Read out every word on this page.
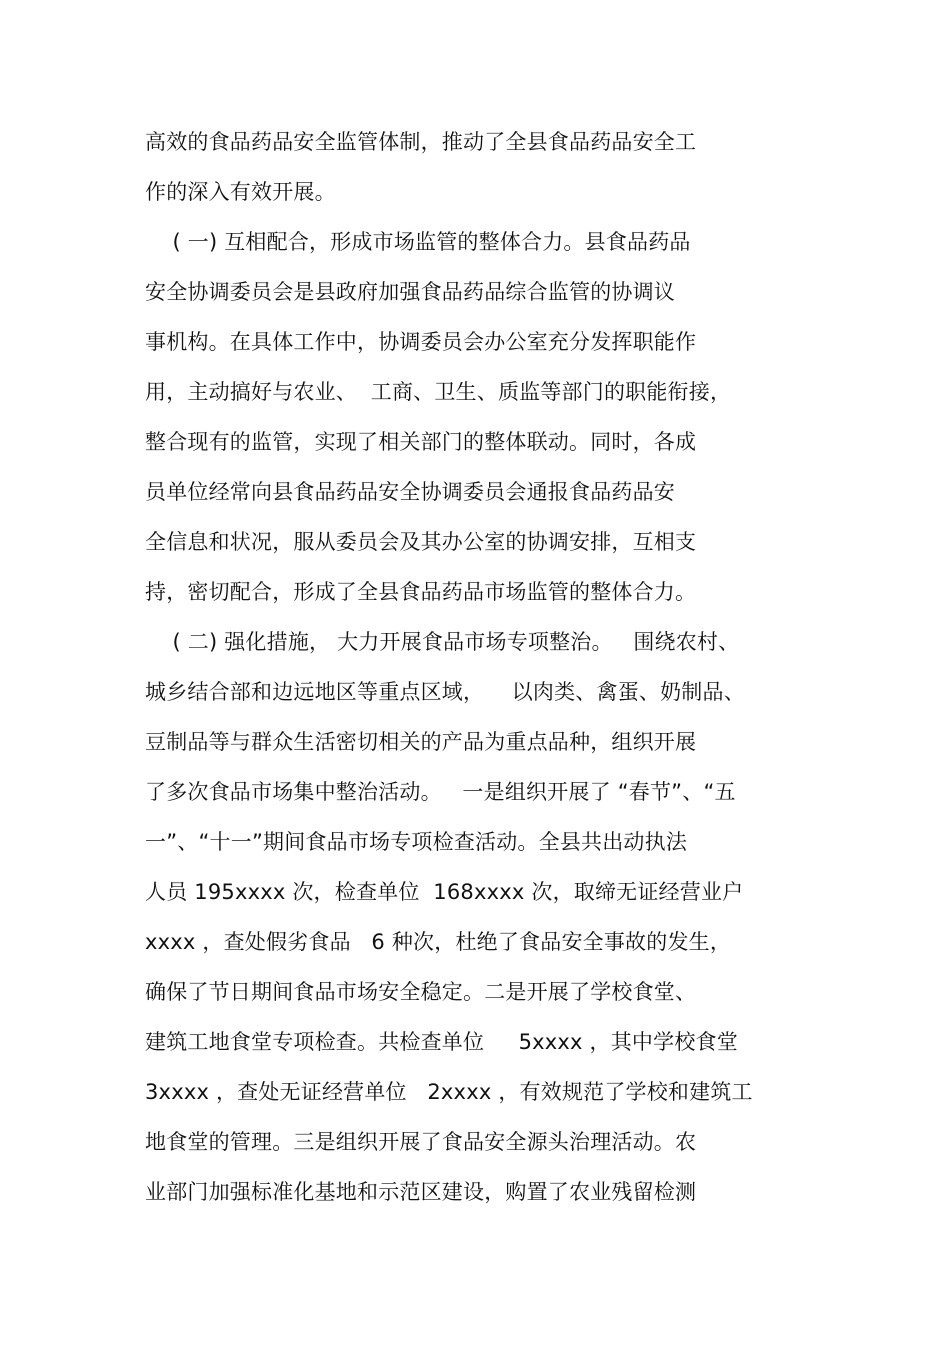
高效的食品药品安全监管体制，推动了全县食品药品安全工
作的深入有效开展。
( 一) 互相配合，形成市场监管的整体合力。县食品药品
安全协调委员会是县政府加强食品药品综合监管的协调议
事机构。在具体工作中，协调委员会办公室充分发挥职能作
用，主动搞好与农业、  工商、卫生、质监等部门的职能衔接，
整合现有的监管，实现了相关部门的整体联动。同时，各成
员单位经常向县食品药品安全协调委员会通报食品药品安
全信息和状况，服从委员会及其办公室的协调安排，互相支
持，密切配合，形成了全县食品药品市场监管的整体合力。
( 二) 强化措施， 大力开展食品市场专项整治。   围绕农村、
城乡结合部和边远地区等重点区域，    以肉类、禽蛋、奶制品、
豆制品等与群众生活密切相关的产品为重点品种，组织开展
了多次食品市场集中整治活动。   一是组织开展了 “春节”、“五
一”、“十一”期间食品市场专项检查活动。全县共出动执法
人员 195xxxx 次，检查单位  168xxxx 次，取缔无证经营业户
xxxx ，查处假劣食品   6 种次，杜绝了食品安全事故的发生，
确保了节日期间食品市场安全稳定。二是开展了学校食堂、
建筑工地食堂专项检查。共检查单位     5xxxx ，其中学校食堂
3xxxx ，查处无证经营单位   2xxxx ，有效规范了学校和建筑工
地食堂的管理。三是组织开展了食品安全源头治理活动。农
业部门加强标准化基地和示范区建设，购置了农业残留检测
